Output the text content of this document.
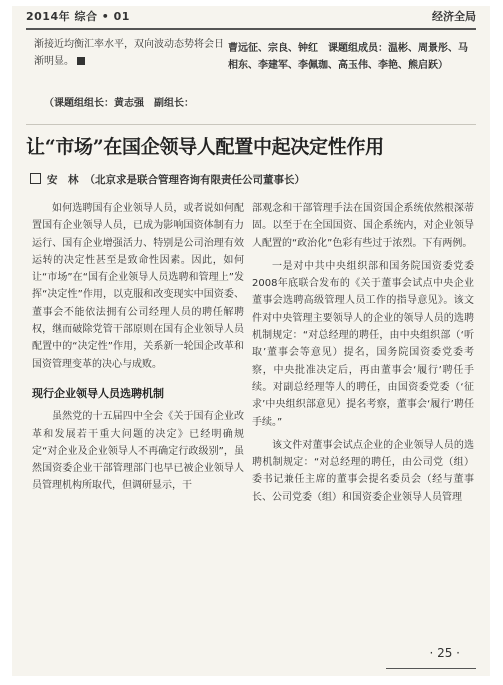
2014年 综合 • 01	经济全局
渐接近均衡汇率水平，双向波动态势将会日渐明显。
（课题组组长：黄志强　副组长：
曹远征、宗良、钟红　课题组成员：温彬、周景彤、马相东、李建军、李佩珈、高玉伟、李艳、熊启跃）
让“市场”在国企领导人配置中起决定性作用
安　林 （北京求是联合管理咨询有限责任公司董事长）

如何选聘国有企业领导人员，或者说如何配置国有企业领导人员，已成为影响国资体制有力运行、国有企业增强活力、特别是公司治理有效运转的决定性甚至是致命性因素。因此，如何让“市场”在“国有企业领导人员选聘和管理上”发挥“决定性”作用，以克服和改变现实中国资委、董事会不能依法拥有公司经理人员的聘任解聘权，继而破除党管干部原则在国有企业领导人员配置中的“决定性”作用，关系新一轮国企改革和国资管理变革的决心与成败。

现行企业领导人员选聘机制

虽然党的十五届四中全会《关于国有企业改革和发展若干重大问题的决定》已经明确规定“对企业及企业领导人不再确定行政级别”，虽然国资委企业干部管理部门也早已被企业领导人员管理机构所取代，但调研显示，干

部观念和干部管理手法在国资国企系统依然根深蒂固。以至于在全国国资、国企系统内，对企业领导人配置的“政治化”色彩有些过于浓烈。下有两例。

一是对中共中央组织部和国务院国资委党委2008年底联合发布的《关于董事会试点中央企业董事会选聘高级管理人员工作的指导意见》。该文件对中央管理主要领导人的企业的领导人员的选聘机制规定：“对总经理的聘任，由中央组织部（‘听取’董事会等意见）提名，国务院国资委党委考察，中央批准决定后，再由董事会‘履行’聘任手续。对副总经理等人的聘任，由国资委党委（‘征求’中央组织部意见）提名考察，董事会‘履行’聘任手续。”

该文件对董事会试点企业的企业领导人员的选聘机制规定：“对总经理的聘任，由公司党（组）委书记兼任主席的董事会提名委员会（经与董事长、公司党委（组）和国资委企业领导人员管理

· 25 ·
